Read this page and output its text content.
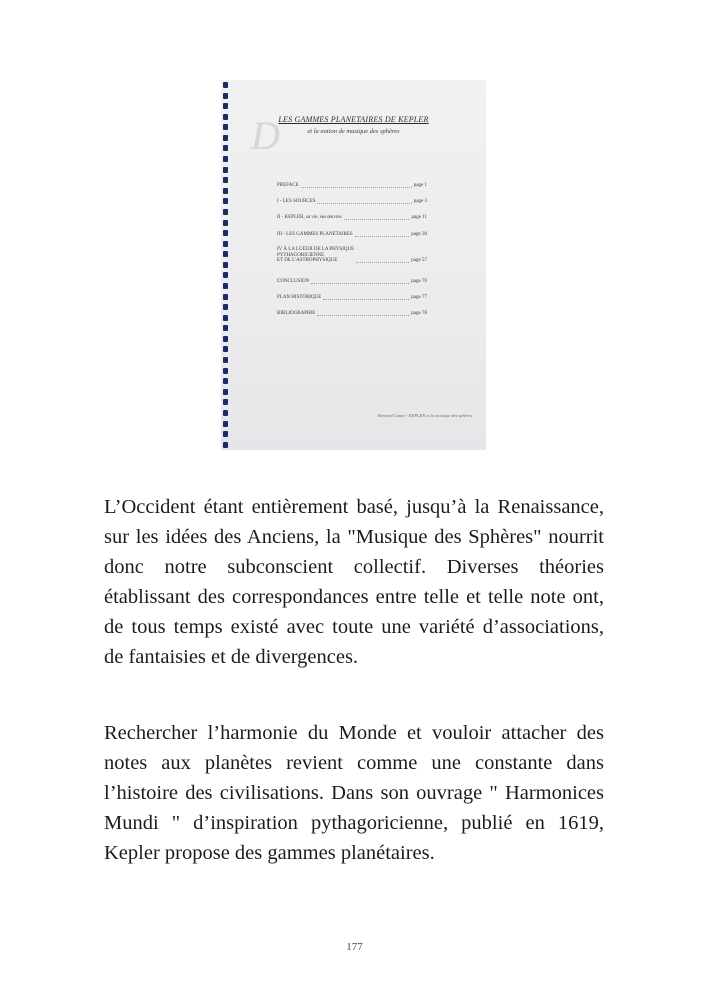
D
LES GAMMES PLANETAIRES DE KEPLER
et la notion de musique des sphères
PREFACE	page 1
I - LES SOURCES	page 3
II - KEPLER, sa vie, ses œuvres	page 11
III - LES GAMMES PLANETAIRES	page 30
IV À LA LUEUR DE LA PHYSIQUE
PYTHAGORICIENNE
ET DE L'ASTROPHYSIQUE	page 57
CONCLUSION	page 70
PLAN HISTORIQUE	page 77
BIBLIOGRAPHIE	page 78
Bernard Canat - KEPLER et la musique des sphères

L’Occident étant entièrement basé, jusqu’à la Renaissance, sur les idées des Anciens, la "Musique des Sphères" nourrit donc notre subconscient collectif. Diverses théories établissant des correspondances entre telle et telle note ont, de tous temps existé avec toute une variété d’associations, de fantaisies et de divergences.

Rechercher l’harmonie du Monde et vouloir attacher des notes aux planètes revient comme une constante dans l’histoire des civilisations. Dans son ouvrage " Harmonices Mundi " d’inspiration pythagoricienne, publié en 1619, Kepler propose des gammes planétaires.

177
